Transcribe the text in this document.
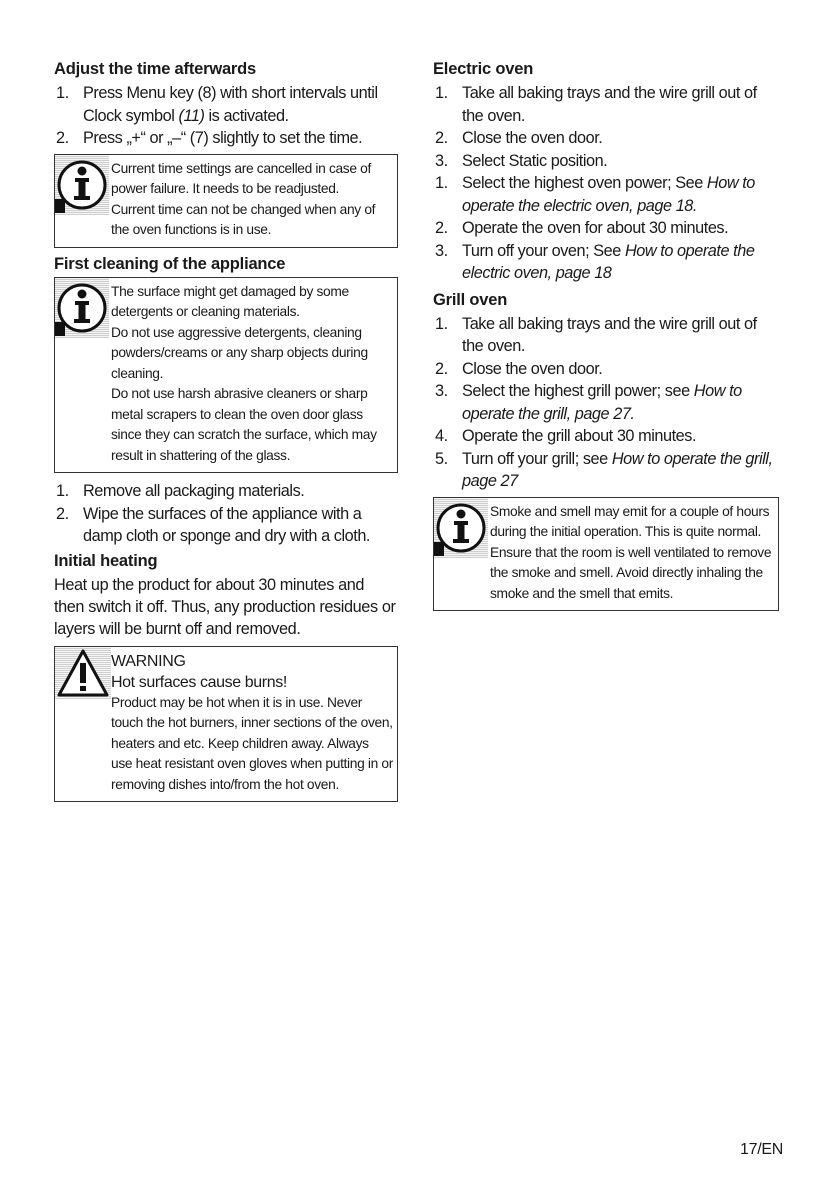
Adjust the time afterwards
1. Press Menu key (8) with short intervals until Clock symbol (11) is activated.
2. Press „+“ or „–“ (7) slightly to set the time.

Current time settings are cancelled in case of power failure. It needs to be readjusted.

Current time can not be changed when any of the oven functions is in use.

First cleaning of the appliance

The surface might get damaged by some detergents or cleaning materials.

Do not use aggressive detergents, cleaning powders/creams or any sharp objects during cleaning.

Do not use harsh abrasive cleaners or sharp metal scrapers to clean the oven door glass since they can scratch the surface, which may result in shattering of the glass.

1. Remove all packaging materials.
2. Wipe the surfaces of the appliance with a damp cloth or sponge and dry with a cloth.
Initial heating

Heat up the product for about 30 minutes and then switch it off. Thus, any production residues or layers will be burnt off and removed.

WARNING

Hot surfaces cause burns!

Product may be hot when it is in use. Never touch the hot burners, inner sections of the oven, heaters and etc. Keep children away. Always use heat resistant oven gloves when putting in or removing dishes into/from the hot oven.

Electric oven
1. Take all baking trays and the wire grill out of the oven.
2. Close the oven door.
3. Select Static position.
1. Select the highest oven power; See How to operate the electric oven, page 18.
2. Operate the oven for about 30 minutes.
3. Turn off your oven; See How to operate the electric oven, page 18
Grill oven
1. Take all baking trays and the wire grill out of the oven.
2. Close the oven door.
3. Select the highest grill power; see How to operate the grill, page 27.
4. Operate the grill about 30 minutes.
5. Turn off your grill; see How to operate the grill, page 27

Smoke and smell may emit for a couple of hours during the initial operation. This is quite normal. Ensure that the room is well ventilated to remove the smoke and smell. Avoid directly inhaling the smoke and the smell that emits.

17/EN
